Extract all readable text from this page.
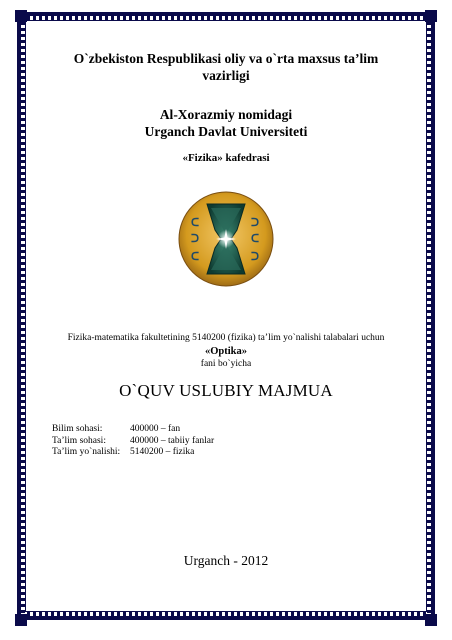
O`zbekiston Respublikasi oliy va o`rta maxsus ta’lim
vazirligi
Al-Xorazmiy nomidagi
Urganch Davlat Universiteti
«Fizika» kafedrasi
ᑕ
ᑐ
ᑕ
ᑐ
ᑕ
ᑐ
Fizika-matematika fakultetining 5140200 (fizika) ta’lim yo`nalishi talabalari uchun
«Optika»
fani bo`yicha
O`QUV USLUBIY MAJMUA
Bilim sohasi:	400000 – fan
Ta’lim sohasi:	400000 – tabiiy fanlar
Ta’lim yo`nalishi:	5140200 – fizika
Urganch - 2012
